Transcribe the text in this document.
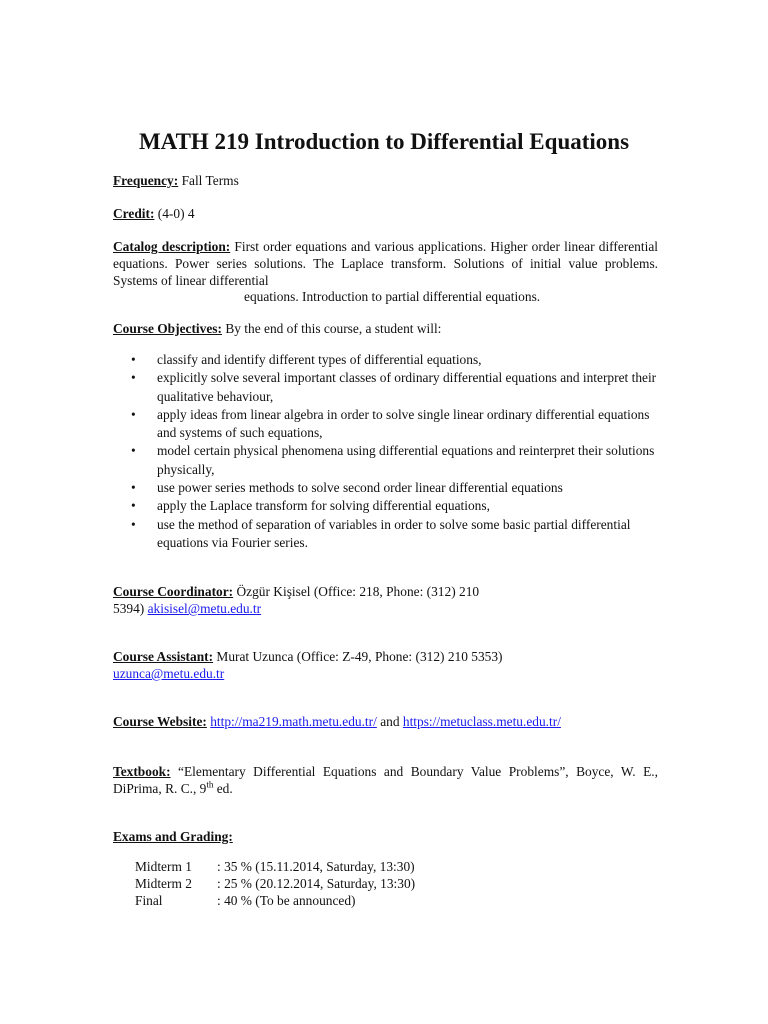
MATH 219 Introduction to Differential Equations
Frequency: Fall Terms
Credit: (4-0) 4
Catalog description: First order equations and various applications. Higher order linear differential equations. Power series solutions. The Laplace transform. Solutions of initial value problems. Systems of linear differential
equations. Introduction to partial differential equations.
Course Objectives: By the end of this course, a student will:
• classify and identify different types of differential equations,
• explicitly solve several important classes of ordinary differential equations and interpret their qualitative behaviour,
• apply ideas from linear algebra in order to solve single linear ordinary differential equations and systems of such equations,
• model certain physical phenomena using differential equations and reinterpret their solutions physically,
• use power series methods to solve second order linear differential equations
• apply the Laplace transform for solving differential equations,
• use the method of separation of variables in order to solve some basic partial differential equations via Fourier series.
Course Coordinator: Özgür Kişisel (Office: 218, Phone: (312) 210
5394) akisisel@metu.edu.tr
Course Assistant: Murat Uzunca (Office: Z-49, Phone: (312) 210 5353)
uzunca@metu.edu.tr
Course Website: http://ma219.math.metu.edu.tr/ and https://metuclass.metu.edu.tr/
Textbook: “Elementary Differential Equations and Boundary Value Problems”, Boyce, W. E., DiPrima, R. C., 9th ed.
Exams and Grading:
Midterm 1	: 35 % (15.11.2014, Saturday, 13:30)
Midterm 2	: 25 % (20.12.2014, Saturday, 13:30)
Final	: 40 % (To be announced)
